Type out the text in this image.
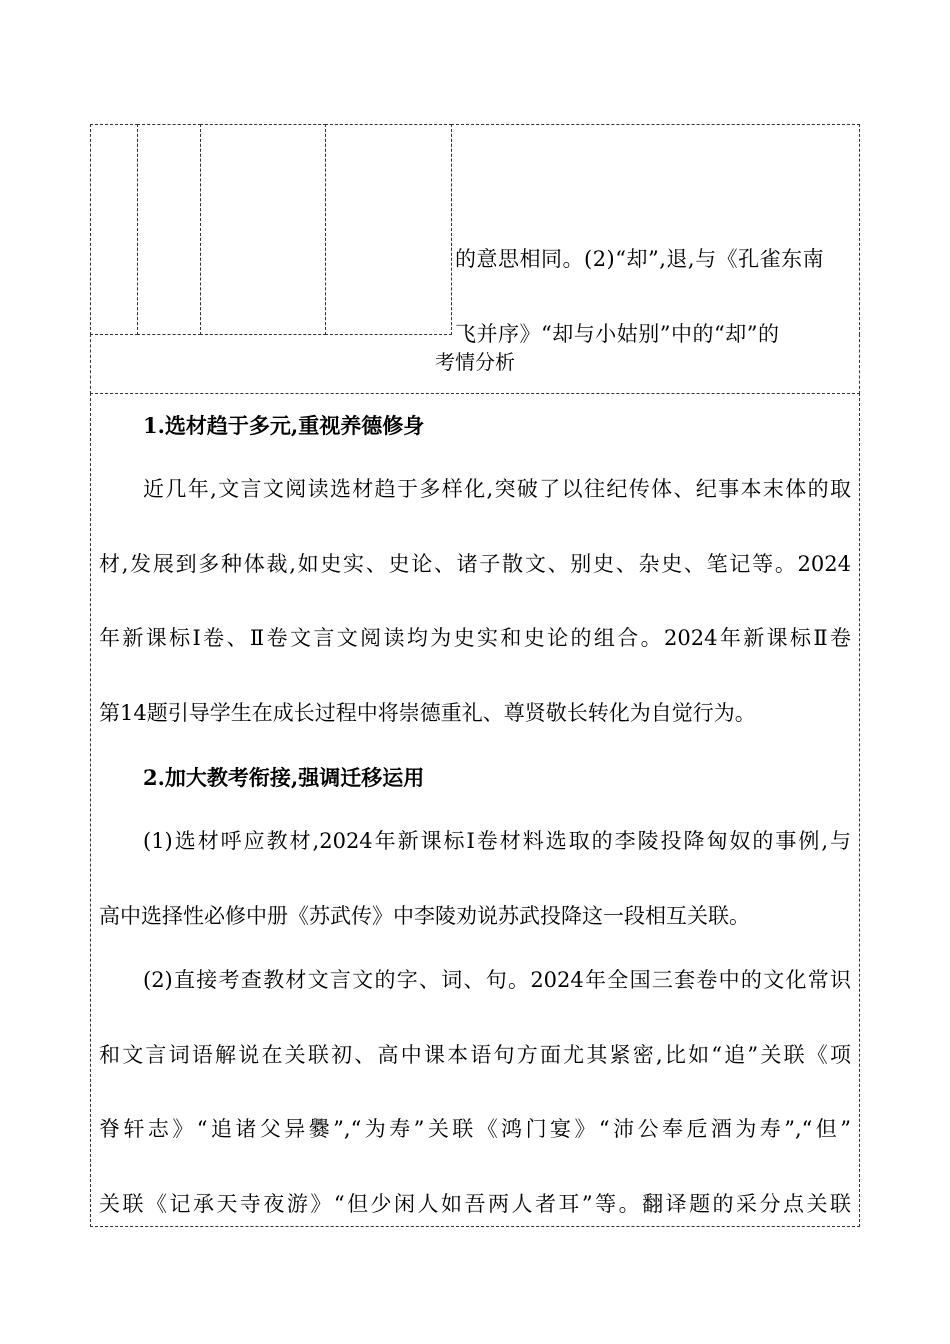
的意思相同。(2)“却”,退,与《孔雀东南
飞并序》“却与小姑别”中的“却”的
考情分析
1.选材趋于多元,重视养德修身
近几年,文言文阅读选材趋于多样化,突破了以往纪传体、纪事本末体的取
材,发展到多种体裁,如史实、史论、诸子散文、别史、杂史、笔记等。2024
年新课标Ⅰ卷、Ⅱ卷文言文阅读均为史实和史论的组合。2024年新课标Ⅱ卷
第14题引导学生在成长过程中将崇德重礼、尊贤敬长转化为自觉行为。
2.加大教考衔接,强调迁移运用
(1)选材呼应教材,2024年新课标Ⅰ卷材料选取的李陵投降匈奴的事例,与
高中选择性必修中册《苏武传》中李陵劝说苏武投降这一段相互关联。
(2)直接考查教材文言文的字、词、句。2024年全国三套卷中的文化常识
和文言词语解说在关联初、高中课本语句方面尤其紧密,比如“追”关联《项
脊轩志》“追诸父异爨”,“为寿”关联《鸿门宴》“沛公奉卮酒为寿”,“但”
关联《记承天寺夜游》“但少闲人如吾两人者耳”等。翻译题的采分点关联
